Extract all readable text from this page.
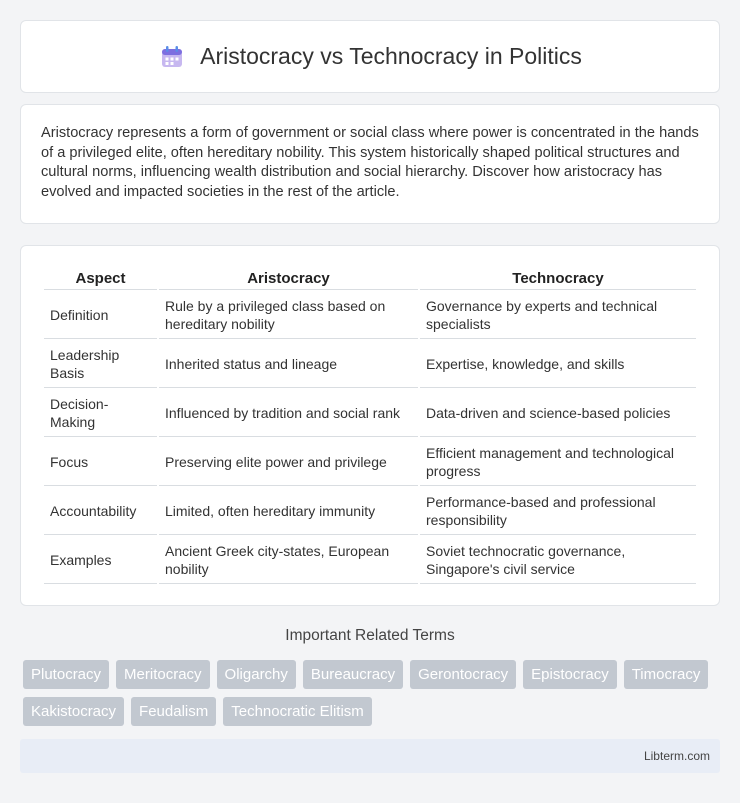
Aristocracy vs Technocracy in Politics

Aristocracy represents a form of government or social class where power is concentrated in the hands of a privileged elite, often hereditary nobility. This system historically shaped political structures and cultural norms, influencing wealth distribution and social hierarchy. Discover how aristocracy has evolved and impacted societies in the rest of the article.

Aspect	Aristocracy	Technocracy
Definition	Rule by a privileged class based on hereditary nobility	Governance by experts and technical specialists
Leadership Basis	Inherited status and lineage	Expertise, knowledge, and skills
Decision-Making	Influenced by tradition and social rank	Data-driven and science-based policies
Focus	Preserving elite power and privilege	Efficient management and technological progress
Accountability	Limited, often hereditary immunity	Performance-based and professional responsibility
Examples	Ancient Greek city-states, European nobility	Soviet technocratic governance, Singapore's civil service
Important Related Terms
Plutocracy	Meritocracy	Oligarchy	Bureaucracy	Gerontocracy	Epistocracy	Timocracy
Kakistocracy	Feudalism	Technocratic Elitism
Libterm.com
